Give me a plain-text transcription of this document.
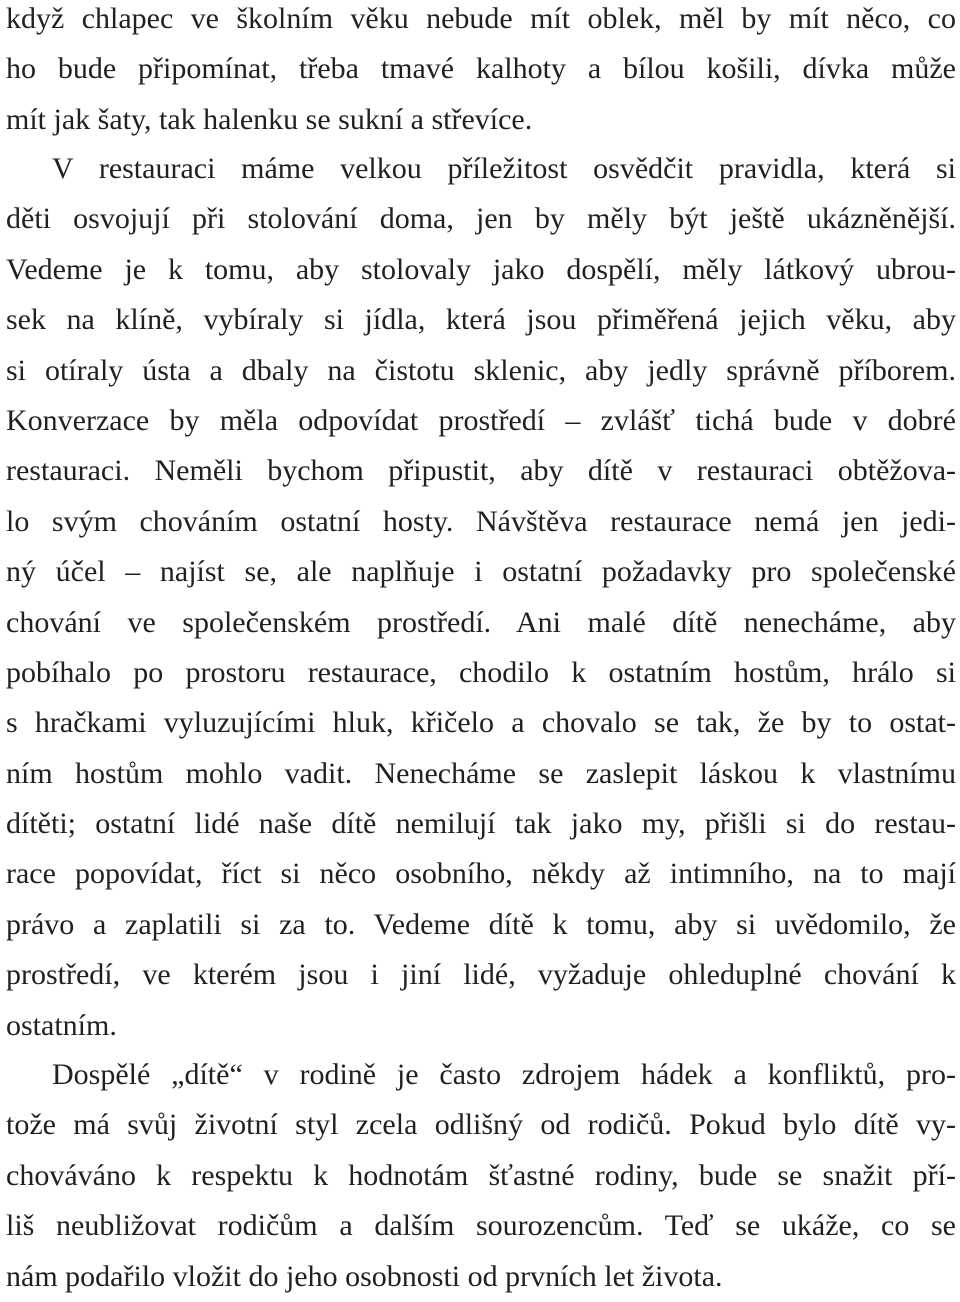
když chlapec ve školním věku nebude mít oblek, měl by mít něco, co
ho bude připomínat, třeba tmavé kalhoty a bílou košili, dívka může
mít jak šaty, tak halenku se sukní a střevíce.
V restauraci máme velkou příležitost osvědčit pravidla, která si
děti osvojují při stolování doma, jen by měly být ještě ukázněnější.
Vedeme je k tomu, aby stolovaly jako dospělí, měly látkový ubrou-
sek na klíně, vybíraly si jídla, která jsou přiměřená jejich věku, aby
si otíraly ústa a dbaly na čistotu sklenic, aby jedly správně příborem.
Konverzace by měla odpovídat prostředí – zvlášť tichá bude v dobré
restauraci. Neměli bychom připustit, aby dítě v restauraci obtěžova-
lo svým chováním ostatní hosty. Návštěva restaurace nemá jen jedi-
ný účel – najíst se, ale naplňuje i ostatní požadavky pro společenské
chování ve společenském prostředí. Ani malé dítě nenecháme, aby
pobíhalo po prostoru restaurace, chodilo k ostatním hostům, hrálo si
s hračkami vyluzujícími hluk, křičelo a chovalo se tak, že by to ostat-
ním hostům mohlo vadit. Nenecháme se zaslepit láskou k vlastnímu
dítěti; ostatní lidé naše dítě nemilují tak jako my, přišli si do restau-
race popovídat, říct si něco osobního, někdy až intimního, na to mají
právo a zaplatili si za to. Vedeme dítě k tomu, aby si uvědomilo, že
prostředí, ve kterém jsou i jiní lidé, vyžaduje ohleduplné chování k
ostatním.
Dospělé „dítě“ v rodině je často zdrojem hádek a konfliktů, pro-
tože má svůj životní styl zcela odlišný od rodičů. Pokud bylo dítě vy-
chováváno k respektu k hodnotám šťastné rodiny, bude se snažit pří-
liš neubližovat rodičům a dalším sourozencům. Teď se ukáže, co se
nám podařilo vložit do jeho osobnosti od prvních let života.
